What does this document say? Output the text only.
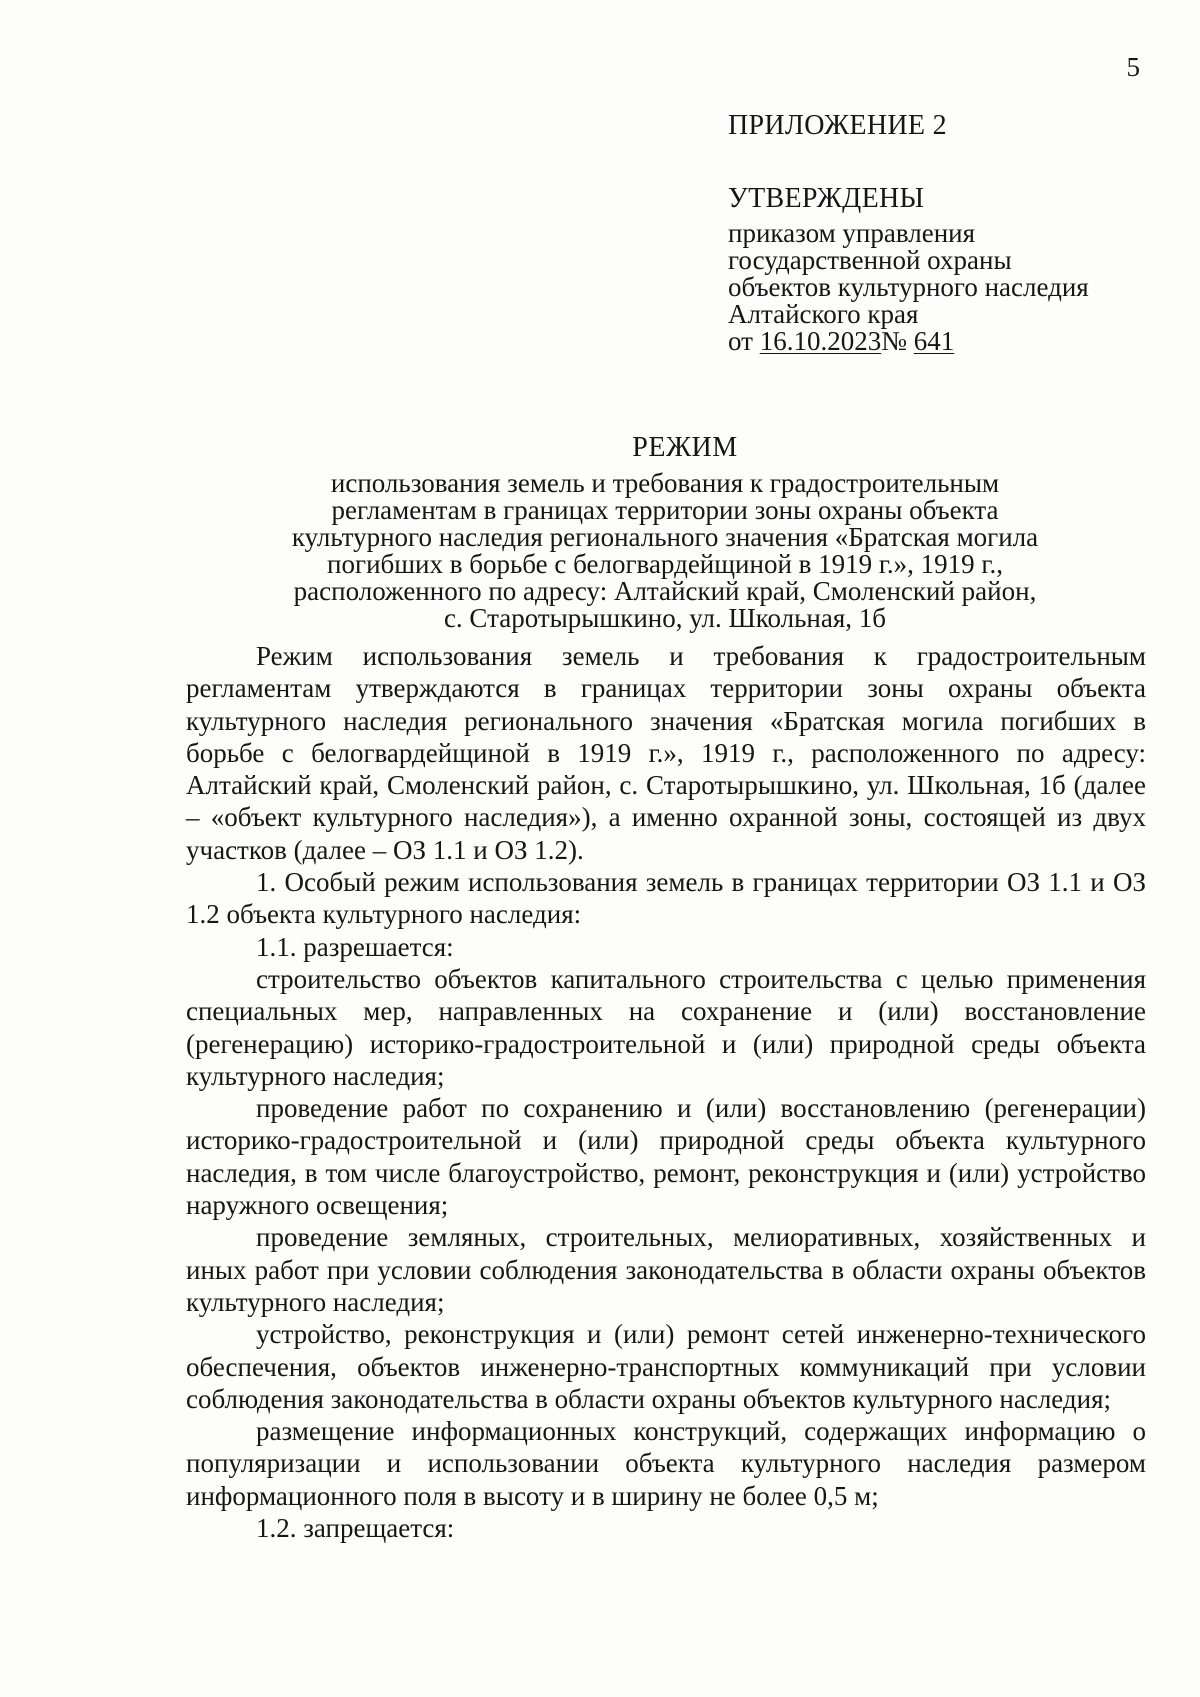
5

ПРИЛОЖЕНИЕ 2

УТВЕРЖДЕНЫ

приказом управления

государственной охраны

объектов культурного наследия

Алтайского края

от 16.10.2023№ 641

РЕЖИМ

использования земель и требования к градостроительным

регламентам в границах территории зоны охраны объекта

культурного наследия регионального значения «Братская могила

погибших в борьбе с белогвардейщиной в 1919 г.», 1919 г.,

расположенного по адресу: Алтайский край, Смоленский район,

с. Старотырышкино, ул. Школьная, 1б

Режим использования земель и требования к градостроительным регламентам утверждаются в границах территории зоны охраны объекта культурного наследия регионального значения «Братская могила погибших в борьбе с белогвардейщиной в 1919 г.», 1919 г., расположенного по адресу: Алтайский край, Смоленский район, с. Старотырышкино, ул. Школьная, 1б (далее – «объект культурного наследия»), а именно охранной зоны, состоящей из двух участков (далее – ОЗ 1.1 и ОЗ 1.2).

1. Особый режим использования земель в границах территории ОЗ 1.1 и ОЗ 1.2 объекта культурного наследия:

1.1. разрешается:

строительство объектов капитального строительства с целью применения специальных мер, направленных на сохранение и (или) восстановление (регенерацию) историко-градостроительной и (или) природной среды объекта культурного наследия;

проведение работ по сохранению и (или) восстановлению (регенерации) историко-градостроительной и (или) природной среды объекта культурного наследия, в том числе благоустройство, ремонт, реконструкция и (или) устройство наружного освещения;

проведение земляных, строительных, мелиоративных, хозяйственных и иных работ при условии соблюдения законодательства в области охраны объектов культурного наследия;

устройство, реконструкция и (или) ремонт сетей инженерно-технического обеспечения, объектов инженерно-транспортных коммуникаций при условии соблюдения законодательства в области охраны объектов культурного наследия;

размещение информационных конструкций, содержащих информацию о популяризации и использовании объекта культурного наследия размером информационного поля в высоту и в ширину не более 0,5 м;

1.2. запрещается:
